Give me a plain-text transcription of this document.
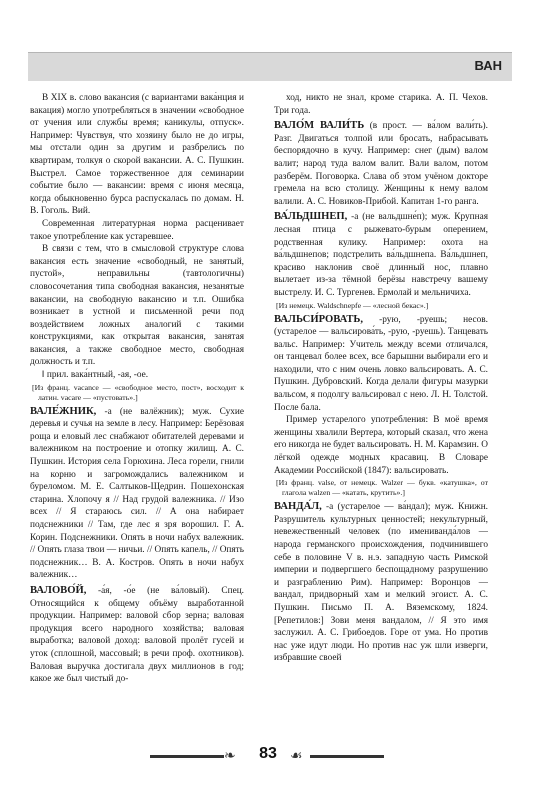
ВАН

В XIX в. слово вакансия (с вариантами вака́нция и вакация) могло употребляться в значении «свободное от учения или службы время; каникулы, отпуск». Например: Чувствуя, что хозяину было не до игры, мы отстали один за другим и разбрелись по квартирам, толкуя о скорой вакансии. А. С. Пушкин. Выстрел. Самое торжественное для семинарии событие было — вакансии: время с июня месяца, когда обыкновенно бурса распускалась по домам. Н. В. Гоголь. Вий.

Современная литературная норма расценивает такое употребление как устаревшее.

В связи с тем, что в смысловой структуре слова вакансия есть значение «свободный, не занятый, пустой», неправильны (тавтологичны) словосочетания типа свободная вакансия, незанятые вакансии, на свободную вакансию и т.п. Ошибка возникает в устной и письменной речи под воздействием ложных аналогий с такими конструкциями, как открытая вакансия, занятая вакансия, а также свободное место, свободная должность и т.п.

‖ прил. вака́нтный, -ая, -ое.

[Из франц. vacance — «свободное место, пост», восходит к латин. vacare — «пустовать».]

ВАЛЕ́ЖНИК, -а (не валёжник); муж. Сухие деревья и сучья на земле в лесу. Например: Берёзовая роща и еловый лес снабжают обитателей деревами и валежником на построение и отопку жилищ. А. С. Пушкин. История села Горюхина. Леса горели, гнили на корню и загромождались валежником и буреломом. М. Е. Салтыков-Щедрин. Пошехонская старина. Хлопочу я // Над грудой валежника. // Изо всех // Я стараюсь сил. // А она набирает подснежники // Там, где лес я зря ворошил. Г. А. Корин. Подснежники. Опять в ночи набух валежник. // Опять глаза твои — ничьи. // Опять капель, // Опять подснежник… В. А. Костров. Опять в ночи набух валежник…

ВАЛОВО́Й, -а́я, -о́е (не ва́ловый). Спец. Относящийся к общему объёму выработанной продукции. Например: валовой сбор зерна; валовая продукция всего народного хозяйства; валовая выработка; валовой доход: валовой пролёт гусей и уток (сплошной, массовый; в речи проф. охотников). Валовая выручка достигала двух миллионов в год; какое же был чистый до-

ход, никто не знал, кроме старика. А. П. Чехов. Три года.

ВАЛО́М ВАЛИ́ТЬ (в прост. — ва́лом вали́ть). Разг. Двигаться толпой или бросать, набрасывать беспорядочно в кучу. Например: снег (дым) валом валит; народ туда валом валит. Вали валом, потом разберём. Поговорка. Слава об этом учёном докторе гремела на всю столицу. Женщины к нему валом валили. А. С. Новиков-Прибой. Капитан 1-го ранга.

ВА́ЛЬДШНЕП, -а (не вальдшне́п); муж. Крупная лесная птица с рыжевато-бурым оперением, родственная кулику. Например: охота на ва́льдшнепов; подстрелить ва́льдшнепа. Ва́льдшнеп, красиво наклонив своё длинный нос, плавно вылетает из-за тёмной берёзы навстречу вашему выстрелу. И. С. Тургенев. Ермолай и мельничиха.

[Из немецк. Waldschnepfe — «лесной бекас».]

ВАЛЬСИ́РОВАТЬ, -рую, -руешь; несов. (устарелое — вальсирова́ть, -рую, -руешь). Танцевать вальс. Например: Учитель между всеми отличался, он танцевал более всех, все барышни выбирали его и находили, что с ним очень ловко вальсировать. А. С. Пушкин. Дубровский. Когда делали фигуры мазурки вальсом, я подолгу вальсировал с нею. Л. Н. Толстой. После бала.

Пример устарелого употребления: В моё время женщины хвалили Вертера, который сказал, что жена его никогда не будет вальсировать. Н. М. Карамзин. О лёгкой одежде модных красавиц. В Словаре Академии Российской (1847): вальсировать.

[Из франц. valse, от немецк. Walzer — букв. «катушка», от глагола walzen — «катать, крутить».]

ВАНДА́Л, -а (устарелое — ва́ндал); муж. Книжн. Разрушитель культурных ценностей; некультурный, невежественный человек (по имениванда́лов — народа германского происхождения, подчинившего себе в половине V в. н.э. западную часть Римской империи и подвергшего беспощадному разрушению и разграблению Рим). Например: Воронцов — вандал, придворный хам и мелкий эгоист. А. С. Пушкин. Письмо П. А. Вяземскому, 1824. [Репетилов:] Зови меня вандалом, // Я это имя заслужил. А. С. Грибоедов. Горе от ума. Но против нас уже идут люди. Но против нас уж шли изверги, избравшие своей

❧	83 ☙
